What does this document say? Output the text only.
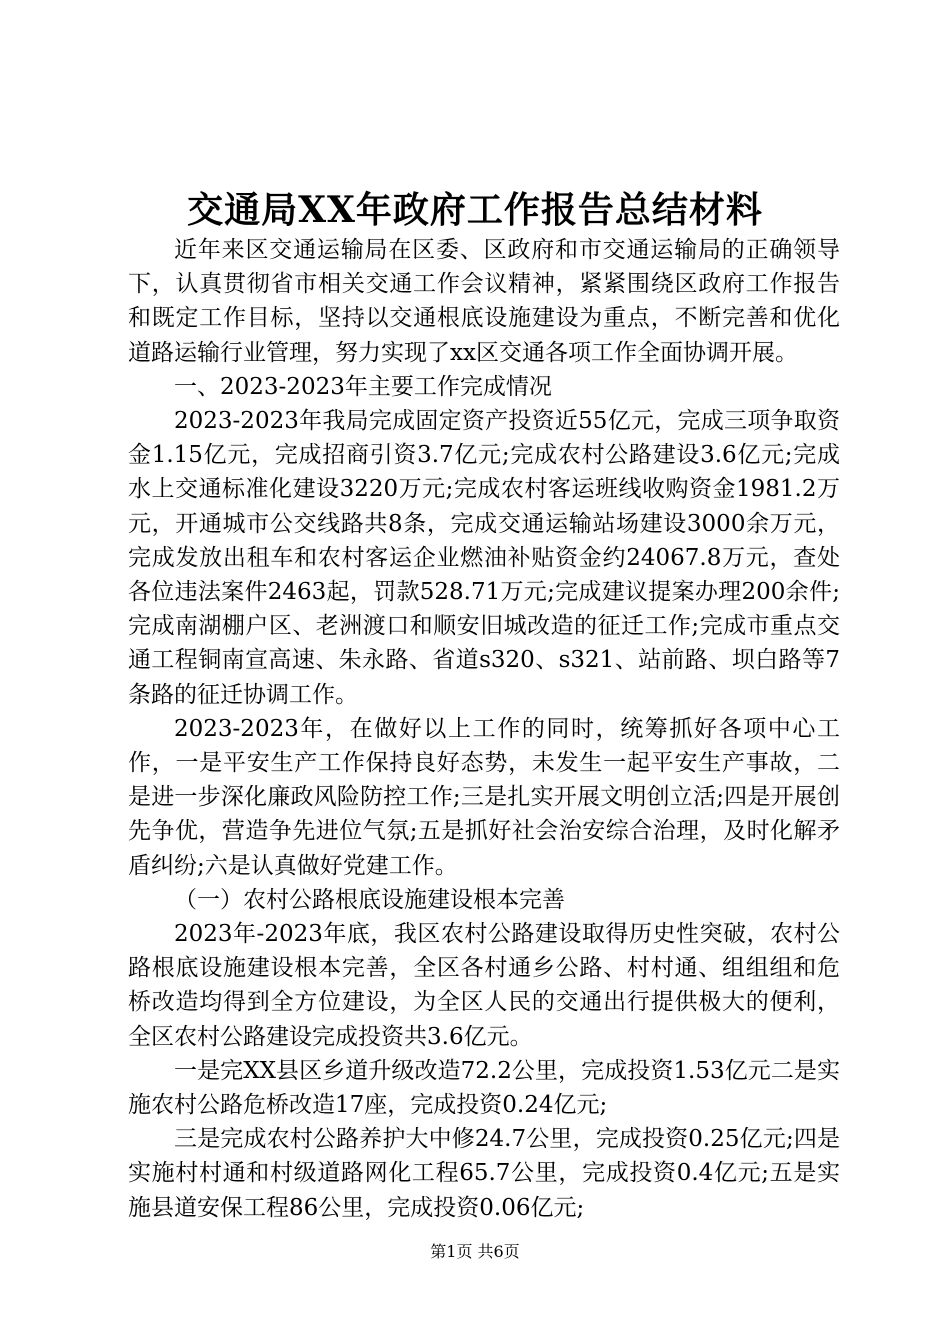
交通局XX年政府工作报告总结材料

近年来区交通运输局在区委、区政府和市交通运输局的正确领导下，认真贯彻省市相关交通工作会议精神，紧紧围绕区政府工作报告和既定工作目标，坚持以交通根底设施建设为重点，不断完善和优化道路运输行业管理，努力实现了xx区交通各项工作全面协调开展。

一、2023-2023年主要工作完成情况

2023-2023年我局完成固定资产投资近55亿元，完成三项争取资金1.15亿元，完成招商引资3.7亿元;完成农村公路建设3.6亿元;完成水上交通标准化建设3220万元;完成农村客运班线收购资金1981.2万元，开通城市公交线路共8条，完成交通运输站场建设3000余万元，完成发放出租车和农村客运企业燃油补贴资金约24067.8万元，查处各位违法案件2463起，罚款528.71万元;完成建议提案办理200余件;完成南湖棚户区、老洲渡口和顺安旧城改造的征迁工作;完成市重点交通工程铜南宣高速、朱永路、省道s320、s321、站前路、坝白路等7条路的征迁协调工作。

2023-2023年，在做好以上工作的同时，统筹抓好各项中心工作，一是平安生产工作保持良好态势，未发生一起平安生产事故，二是进一步深化廉政风险防控工作;三是扎实开展文明创立活;四是开展创先争优，营造争先进位气氛;五是抓好社会治安综合治理，及时化解矛盾纠纷;六是认真做好党建工作。

（一）农村公路根底设施建设根本完善

2023年-2023年底，我区农村公路建设取得历史性突破，农村公路根底设施建设根本完善，全区各村通乡公路、村村通、组组组和危桥改造均得到全方位建设，为全区人民的交通出行提供极大的便利，全区农村公路建设完成投资共3.6亿元。

一是完XX县区乡道升级改造72.2公里，完成投资1.53亿元二是实施农村公路危桥改造17座，完成投资0.24亿元;

三是完成农村公路养护大中修24.7公里，完成投资0.25亿元;四是实施村村通和村级道路网化工程65.7公里，完成投资0.4亿元;五是实施县道安保工程86公里，完成投资0.06亿元;

第1页 共6页
